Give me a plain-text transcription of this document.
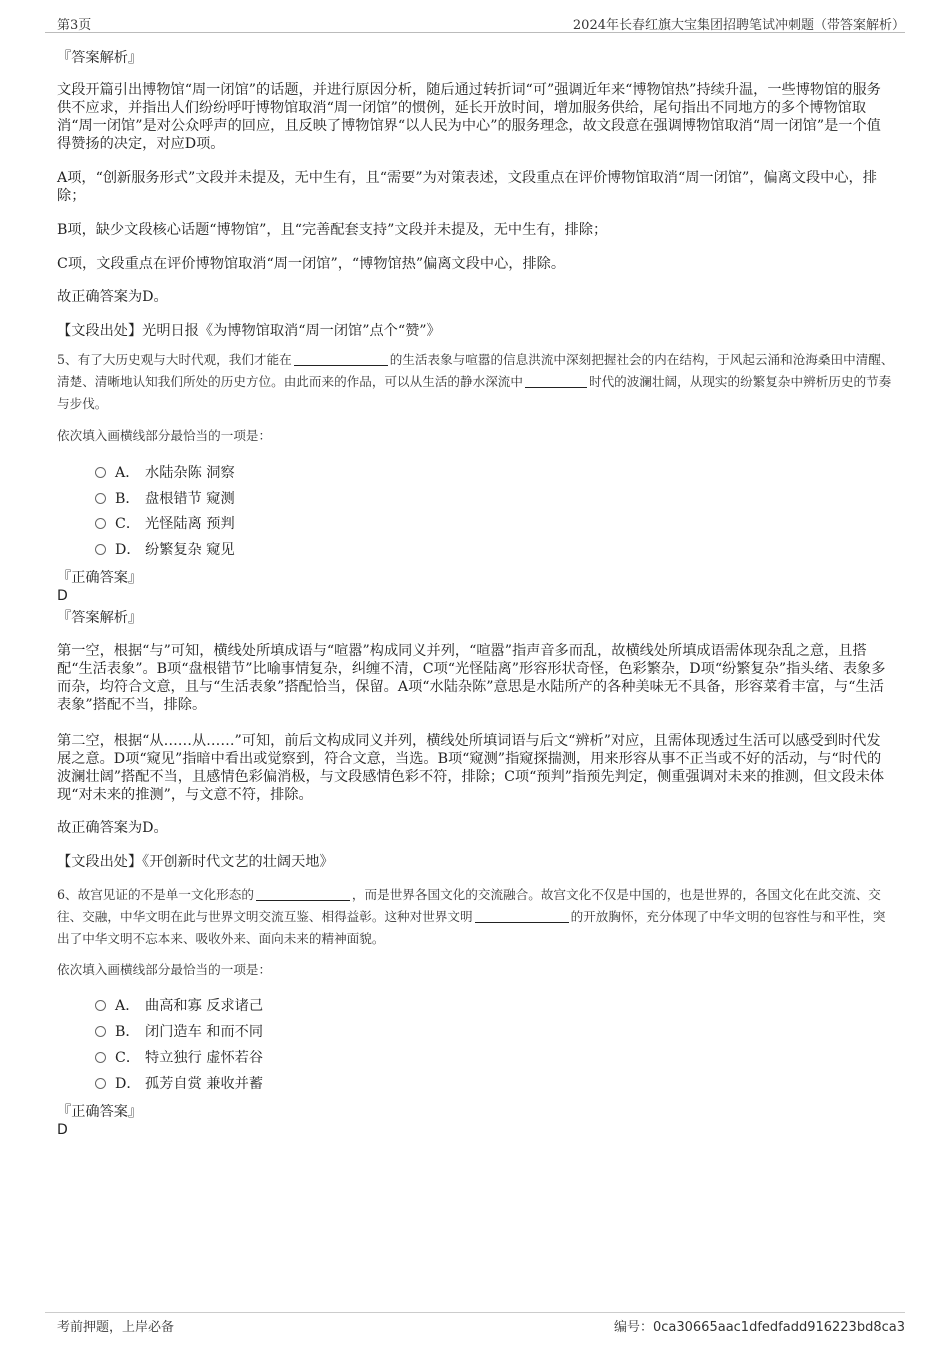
第3页	2024年长春红旗大宝集团招聘笔试冲刺题（带答案解析）

『答案解析』

文段开篇引出博物馆“周一闭馆”的话题，并进行原因分析，随后通过转折词“可”强调近年来“博物馆热”持续升温，一些博物馆的服务供不应求，并指出人们纷纷呼吁博物馆取消“周一闭馆”的惯例，延长开放时间，增加服务供给，尾句指出不同地方的多个博物馆取消“周一闭馆”是对公众呼声的回应，且反映了博物馆界“以人民为中心”的服务理念，故文段意在强调博物馆取消“周一闭馆”是一个值得赞扬的决定，对应D项。

A项，“创新服务形式”文段并未提及，无中生有，且“需要”为对策表述，文段重点在评价博物馆取消“周一闭馆”，偏离文段中心，排除；

B项，缺少文段核心话题“博物馆”，且“完善配套支持”文段并未提及，无中生有，排除；

C项，文段重点在评价博物馆取消“周一闭馆”，“博物馆热”偏离文段中心，排除。

故正确答案为D。

【文段出处】光明日报《为博物馆取消“周一闭馆”点个“赞”》

5、有了大历史观与大时代观，我们才能在	的生活表象与喧嚣的信息洪流中深刻把握社会的内在结构，于风起云涌和沧海桑田中清醒、清楚、清晰地认知我们所处的历史方位。由此而来的作品，可以从生活的静水深流中	时代的波澜壮阔，从现实的纷繁复杂中辨析历史的节奏与步伐。

依次填入画横线部分最恰当的一项是：

A． 水陆杂陈 洞察
B． 盘根错节 窥测
C． 光怪陆离 预判
D． 纷繁复杂 窥见

『正确答案』

D

『答案解析』

第一空，根据“与”可知，横线处所填成语与“喧嚣”构成同义并列，“喧嚣”指声音多而乱，故横线处所填成语需体现杂乱之意，且搭配“生活表象”。B项“盘根错节”比喻事情复杂，纠缠不清，C项“光怪陆离”形容形状奇怪，色彩繁杂，D项“纷繁复杂”指头绪、表象多而杂，均符合文意，且与“生活表象”搭配恰当，保留。A项“水陆杂陈”意思是水陆所产的各种美味无不具备，形容菜肴丰富，与“生活表象”搭配不当，排除。

第二空，根据“从……从……”可知，前后文构成同义并列，横线处所填词语与后文“辨析”对应，且需体现透过生活可以感受到时代发展之意。D项“窥见”指暗中看出或觉察到，符合文意，当选。B项“窥测”指窥探揣测，用来形容从事不正当或不好的活动，与“时代的波澜壮阔”搭配不当，且感情色彩偏消极，与文段感情色彩不符，排除；C项“预判”指预先判定，侧重强调对未来的推测，但文段未体现“对未来的推测”，与文意不符，排除。

故正确答案为D。

【文段出处】《开创新时代文艺的壮阔天地》

6、故宫见证的不是单一文化形态的	，而是世界各国文化的交流融合。故宫文化不仅是中国的，也是世界的，各国文化在此交流、交往、交融，中华文明在此与世界文明交流互鉴、相得益彰。这种对世界文明	的开放胸怀，充分体现了中华文明的包容性与和平性，突出了中华文明不忘本来、吸收外来、面向未来的精神面貌。

依次填入画横线部分最恰当的一项是：

A． 曲高和寡 反求诸己
B． 闭门造车 和而不同
C． 特立独行 虚怀若谷
D． 孤芳自赏 兼收并蓄

『正确答案』

D
考前押题，上岸必备	编号：0ca30665aac1dfedfadd916223bd8ca3
